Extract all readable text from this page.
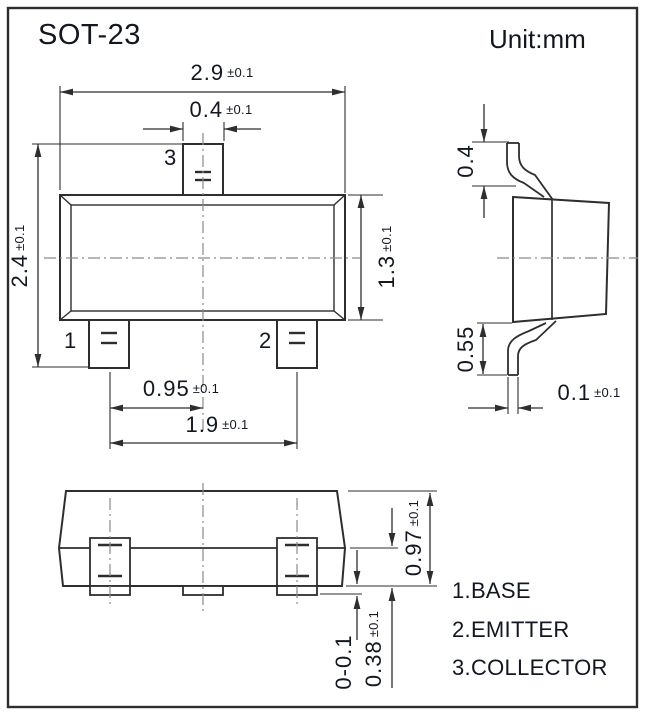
SOT-23	Unit:mm
2.9 ±0.1
0.4 ±0.1
2.4±0.1
1.3±0.1
0.95 ±0.1
1.9 ±0.1
0.4
0.55
0.1 ±0.1
0.97±0.1
0.38±0.1
0-0.1
3
1	2
1.BASE
2.EMITTER
3.COLLECTOR
